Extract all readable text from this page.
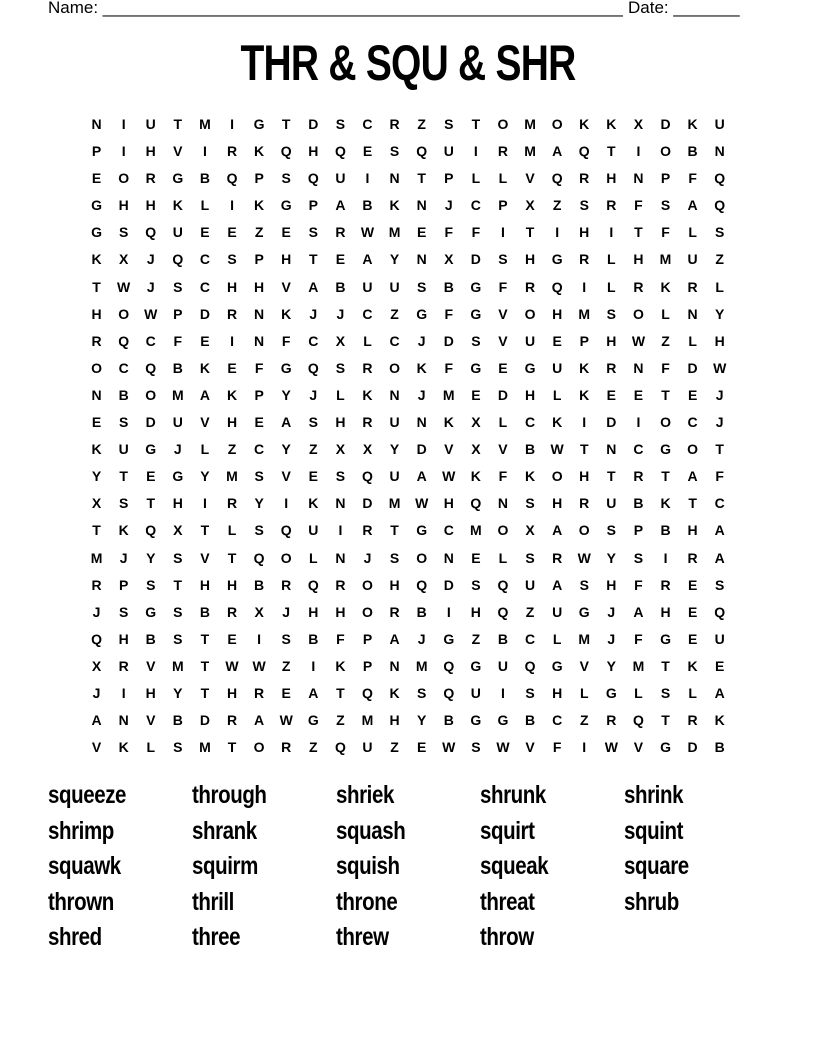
Name: _______________________________________________________ Date: _______
THR & SQU & SHR
N	I	U	T	M	I	G	T	D	S	C	R	Z	S	T	O	M	O	K	K	X	D	K	U
P	I	H	V	I	R	K	Q	H	Q	E	S	Q	U	I	R	M	A	Q	T	I	O	B	N
E	O	R	G	B	Q	P	S	Q	U	I	N	T	P	L	L	V	Q	R	H	N	P	F	Q
G	H	H	K	L	I	K	G	P	A	B	K	N	J	C	P	X	Z	S	R	F	S	A	Q
G	S	Q	U	E	E	Z	E	S	R	W	M	E	F	F	I	T	I	H	I	T	F	L	S
K	X	J	Q	C	S	P	H	T	E	A	Y	N	X	D	S	H	G	R	L	H	M	U	Z
T	W	J	S	C	H	H	V	A	B	U	U	S	B	G	F	R	Q	I	L	R	K	R	L
H	O	W	P	D	R	N	K	J	J	C	Z	G	F	G	V	O	H	M	S	O	L	N	Y
R	Q	C	F	E	I	N	F	C	X	L	C	J	D	S	V	U	E	P	H	W	Z	L	H
O	C	Q	B	K	E	F	G	Q	S	R	O	K	F	G	E	G	U	K	R	N	F	D	W
N	B	O	M	A	K	P	Y	J	L	K	N	J	M	E	D	H	L	K	E	E	T	E	J
E	S	D	U	V	H	E	A	S	H	R	U	N	K	X	L	C	K	I	D	I	O	C	J
K	U	G	J	L	Z	C	Y	Z	X	X	Y	D	V	X	V	B	W	T	N	C	G	O	T
Y	T	E	G	Y	M	S	V	E	S	Q	U	A	W	K	F	K	O	H	T	R	T	A	F
X	S	T	H	I	R	Y	I	K	N	D	M	W	H	Q	N	S	H	R	U	B	K	T	C
T	K	Q	X	T	L	S	Q	U	I	R	T	G	C	M	O	X	A	O	S	P	B	H	A
M	J	Y	S	V	T	Q	O	L	N	J	S	O	N	E	L	S	R	W	Y	S	I	R	A
R	P	S	T	H	H	B	R	Q	R	O	H	Q	D	S	Q	U	A	S	H	F	R	E	S
J	S	G	S	B	R	X	J	H	H	O	R	B	I	H	Q	Z	U	G	J	A	H	E	Q
Q	H	B	S	T	E	I	S	B	F	P	A	J	G	Z	B	C	L	M	J	F	G	E	U
X	R	V	M	T	W W	Z	I	K	P	N	M	Q	G	U	Q	G	V	Y	M	T	K	E
J	I	H	Y	T	H	R	E	A	T	Q	K	S	Q	U	I	S	H	L	G	L	S	L	A
A	N	V	B	D	R	A	W	G	Z	M	H	Y	B	G	G	B	C	Z	R	Q	T	R	K
V	K	L	S	M	T	O	R	Z	Q	U	Z	E	W	S	W	V	F	I	W	V	G	D	B
squeeze	through	shriek	shrunk	shrink
shrimp	shrank	squash	squirt	squint
squawk	squirm	squish	squeak	square
thrown	thrill	throne	threat	shrub
shred	three	threw	throw
